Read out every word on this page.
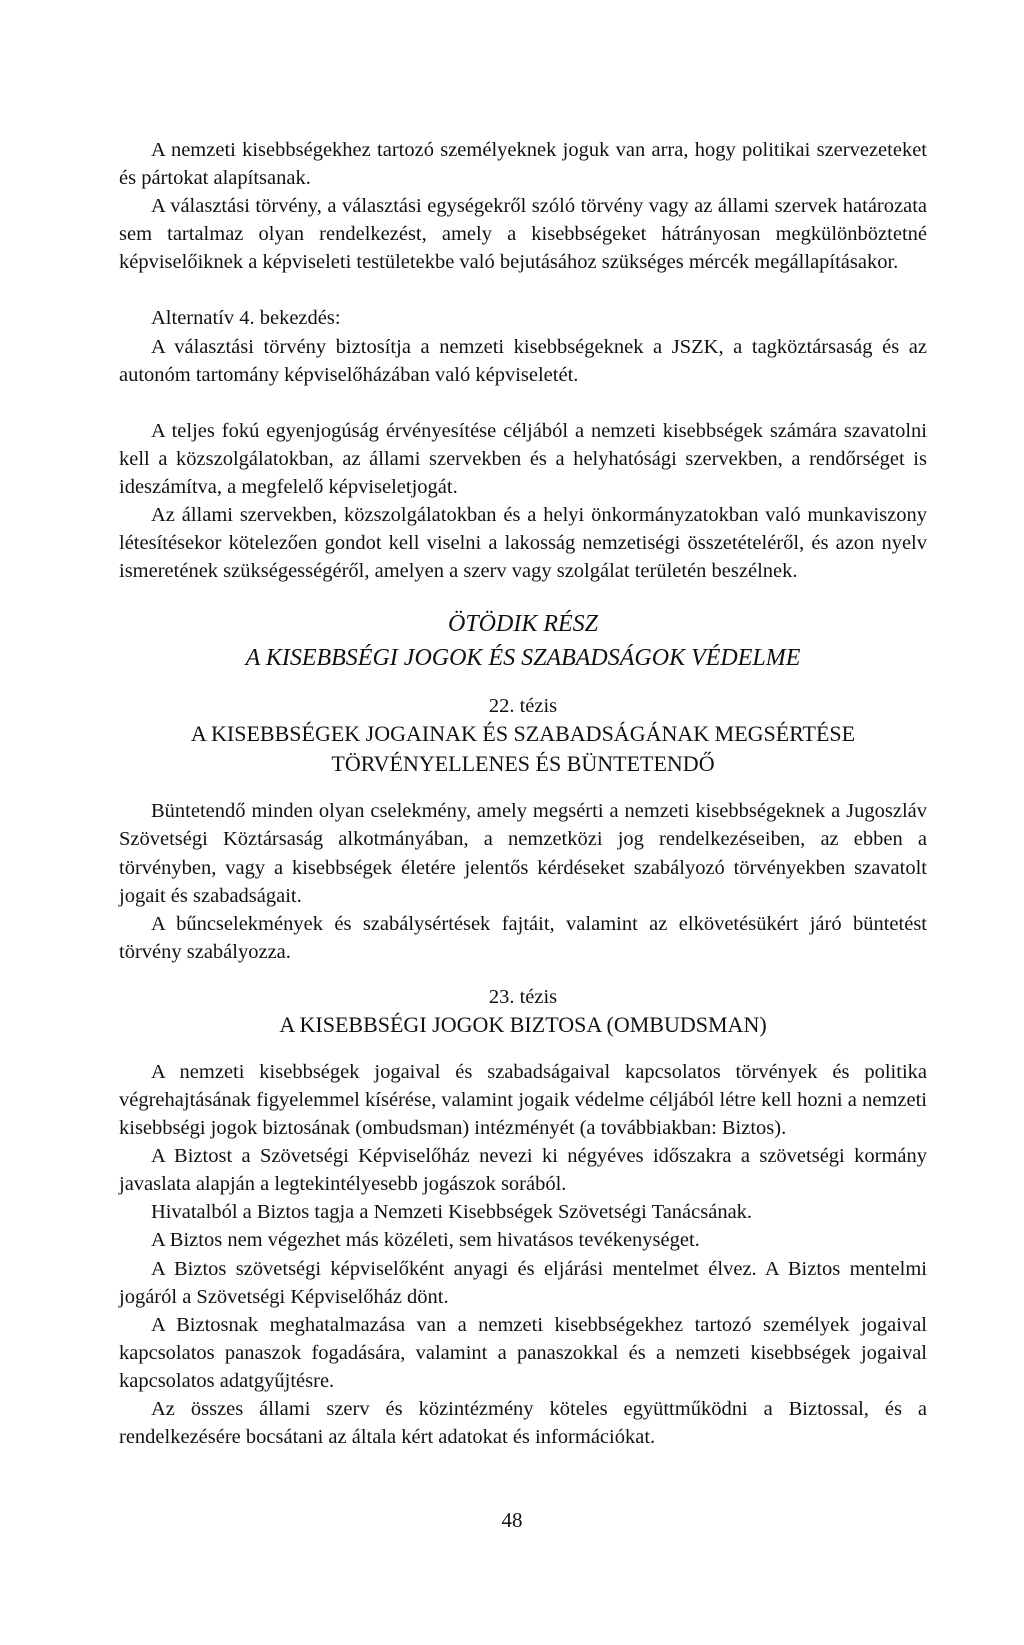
A nemzeti kisebbségekhez tartozó személyeknek joguk van arra, hogy politikai szervezeteket és pártokat alapítsanak.

A választási törvény, a választási egységekről szóló törvény vagy az állami szervek határozata sem tartalmaz olyan rendelkezést, amely a kisebbségeket hátrányosan megkülönböztetné képviselőiknek a képviseleti testületekbe való bejutásához szükséges mércék megállapításakor.

Alternatív 4. bekezdés:

A választási törvény biztosítja a nemzeti kisebbségeknek a JSZK, a tagköztársaság és az autonóm tartomány képviselőházában való képviseletét.

A teljes fokú egyenjogúság érvényesítése céljából a nemzeti kisebbségek számára szavatolni kell a közszolgálatokban, az állami szervekben és a helyhatósági szervekben, a rendőrséget is ideszámítva, a megfelelő képviseletjogát.

Az állami szervekben, közszolgálatokban és a helyi önkormányzatokban való munkaviszony létesítésekor kötelezően gondot kell viselni a lakosság nemzetiségi összetételéről, és azon nyelv ismeretének szükségességéről, amelyen a szerv vagy szolgálat területén beszélnek.

ÖTÖDIK RÉSZ

A KISEBBSÉGI JOGOK ÉS SZABADSÁGOK VÉDELME

22. tézis

A KISEBBSÉGEK JOGAINAK ÉS SZABADSÁGÁNAK MEGSÉRTÉSE

TÖRVÉNYELLENES ÉS BÜNTETENDŐ

Büntetendő minden olyan cselekmény, amely megsérti a nemzeti kisebbségeknek a Jugoszláv Szövetségi Köztársaság alkotmányában, a nemzetközi jog rendelkezéseiben, az ebben a törvényben, vagy a kisebbségek életére jelentős kérdéseket szabályozó törvényekben szavatolt jogait és szabadságait.

A bűncselekmények és szabálysértések fajtáit, valamint az elkövetésükért járó büntetést törvény szabályozza.

23. tézis

A KISEBBSÉGI JOGOK BIZTOSA (OMBUDSMAN)

A nemzeti kisebbségek jogaival és szabadságaival kapcsolatos törvények és politika végrehajtásának figyelemmel kísérése, valamint jogaik védelme céljából létre kell hozni a nemzeti kisebbségi jogok biztosának (ombudsman) intézményét (a továbbiakban: Biztos).

A Biztost a Szövetségi Képviselőház nevezi ki négyéves időszakra a szövetségi kormány javaslata alapján a legtekintélyesebb jogászok sorából.

Hivatalból a Biztos tagja a Nemzeti Kisebbségek Szövetségi Tanácsának.

A Biztos nem végezhet más közéleti, sem hivatásos tevékenységet.

A Biztos szövetségi képviselőként anyagi és eljárási mentelmet élvez. A Biztos mentelmi jogáról a Szövetségi Képviselőház dönt.

A Biztosnak meghatalmazása van a nemzeti kisebbségekhez tartozó személyek jogaival kapcsolatos panaszok fogadására, valamint a panaszokkal és a nemzeti kisebbségek jogaival kapcsolatos adatgyűjtésre.

Az összes állami szerv és közintézmény köteles együttműködni a Biztossal, és a rendelkezésére bocsátani az általa kért adatokat és információkat.

48
